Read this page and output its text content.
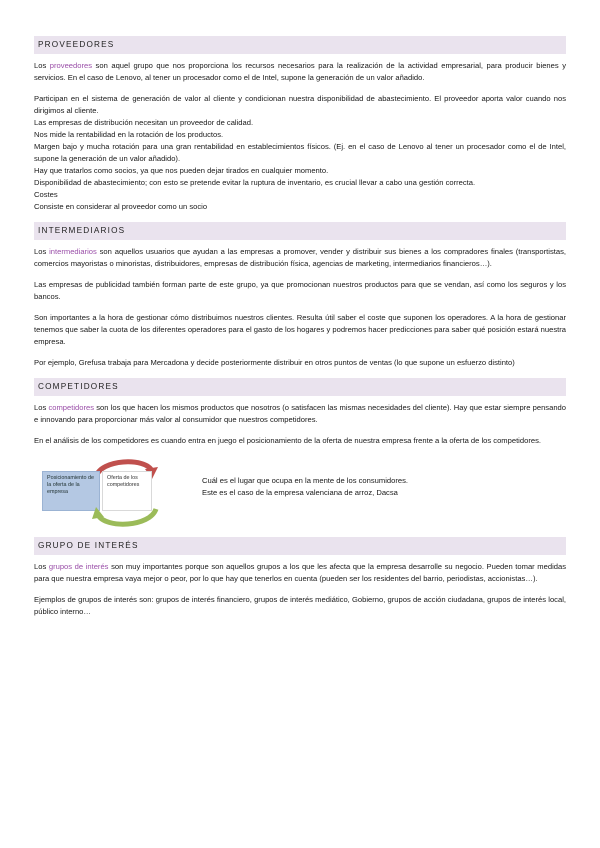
PROVEEDORES

Los proveedores son aquel grupo que nos proporciona los recursos necesarios para la realización de la actividad empresarial, para producir bienes y servicios. En el caso de Lenovo, al tener un procesador como el de Intel, supone la generación de un valor añadido.

Participan en el sistema de generación de valor al cliente y condicionan nuestra disponibilidad de abastecimiento. El proveedor aporta valor cuando nos dirigimos al cliente.

Las empresas de distribución necesitan un proveedor de calidad.

Nos mide la rentabilidad en la rotación de los productos.

Margen bajo y mucha rotación para una gran rentabilidad en establecimientos físicos. (Ej. en el caso de Lenovo al tener un procesador como el de Intel, supone la generación de un valor añadido).

Hay que tratarlos como socios, ya que nos pueden dejar tirados en cualquier momento.

Disponibilidad de abastecimiento; con esto se pretende evitar la ruptura de inventario, es crucial llevar a cabo una gestión correcta.

Costes

Consiste en considerar al proveedor como un socio

INTERMEDIARIOS

Los intermediarios son aquellos usuarios que ayudan a las empresas a promover, vender y distribuir sus bienes a los compradores finales (transportistas, comercios mayoristas o minoristas, distribuidores, empresas de distribución física, agencias de marketing, intermediarios financieros…).

Las empresas de publicidad también forman parte de este grupo, ya que promocionan nuestros productos para que se vendan, así como los seguros y los bancos.

Son importantes a la hora de gestionar cómo distribuimos nuestros clientes. Resulta útil saber el coste que suponen los operadores. A la hora de gestionar tenemos que saber la cuota de los diferentes operadores para el gasto de los hogares y podremos hacer predicciones para saber qué posición estará nuestra empresa.

Por ejemplo, Grefusa trabaja para Mercadona y decide posteriormente distribuir en otros puntos de ventas (lo que supone un esfuerzo distinto)

COMPETIDORES

Los competidores son los que hacen los mismos productos que nosotros (o satisfacen las mismas necesidades del cliente). Hay que estar siempre pensando e innovando para proporcionar más valor al consumidor que nuestros competidores.

En el análisis de los competidores es cuando entra en juego el posicionamiento de la oferta de nuestra empresa frente a la oferta de los competidores.

Posicionamiento de la oferta de la empresa
Oferta de los competidores	Cuál es el lugar que ocupa en la mente de los consumidores.
Este es el caso de la empresa valenciana de arroz, Dacsa
GRUPO DE INTERÉS

Los grupos de interés son muy importantes porque son aquellos grupos a los que les afecta que la empresa desarrolle su negocio. Pueden tomar medidas para que nuestra empresa vaya mejor o peor, por lo que hay que tenerlos en cuenta (pueden ser los residentes del barrio, periodistas, accionistas…).

Ejemplos de grupos de interés son: grupos de interés financiero, grupos de interés mediático, Gobierno, grupos de acción ciudadana, grupos de interés local, público interno…
